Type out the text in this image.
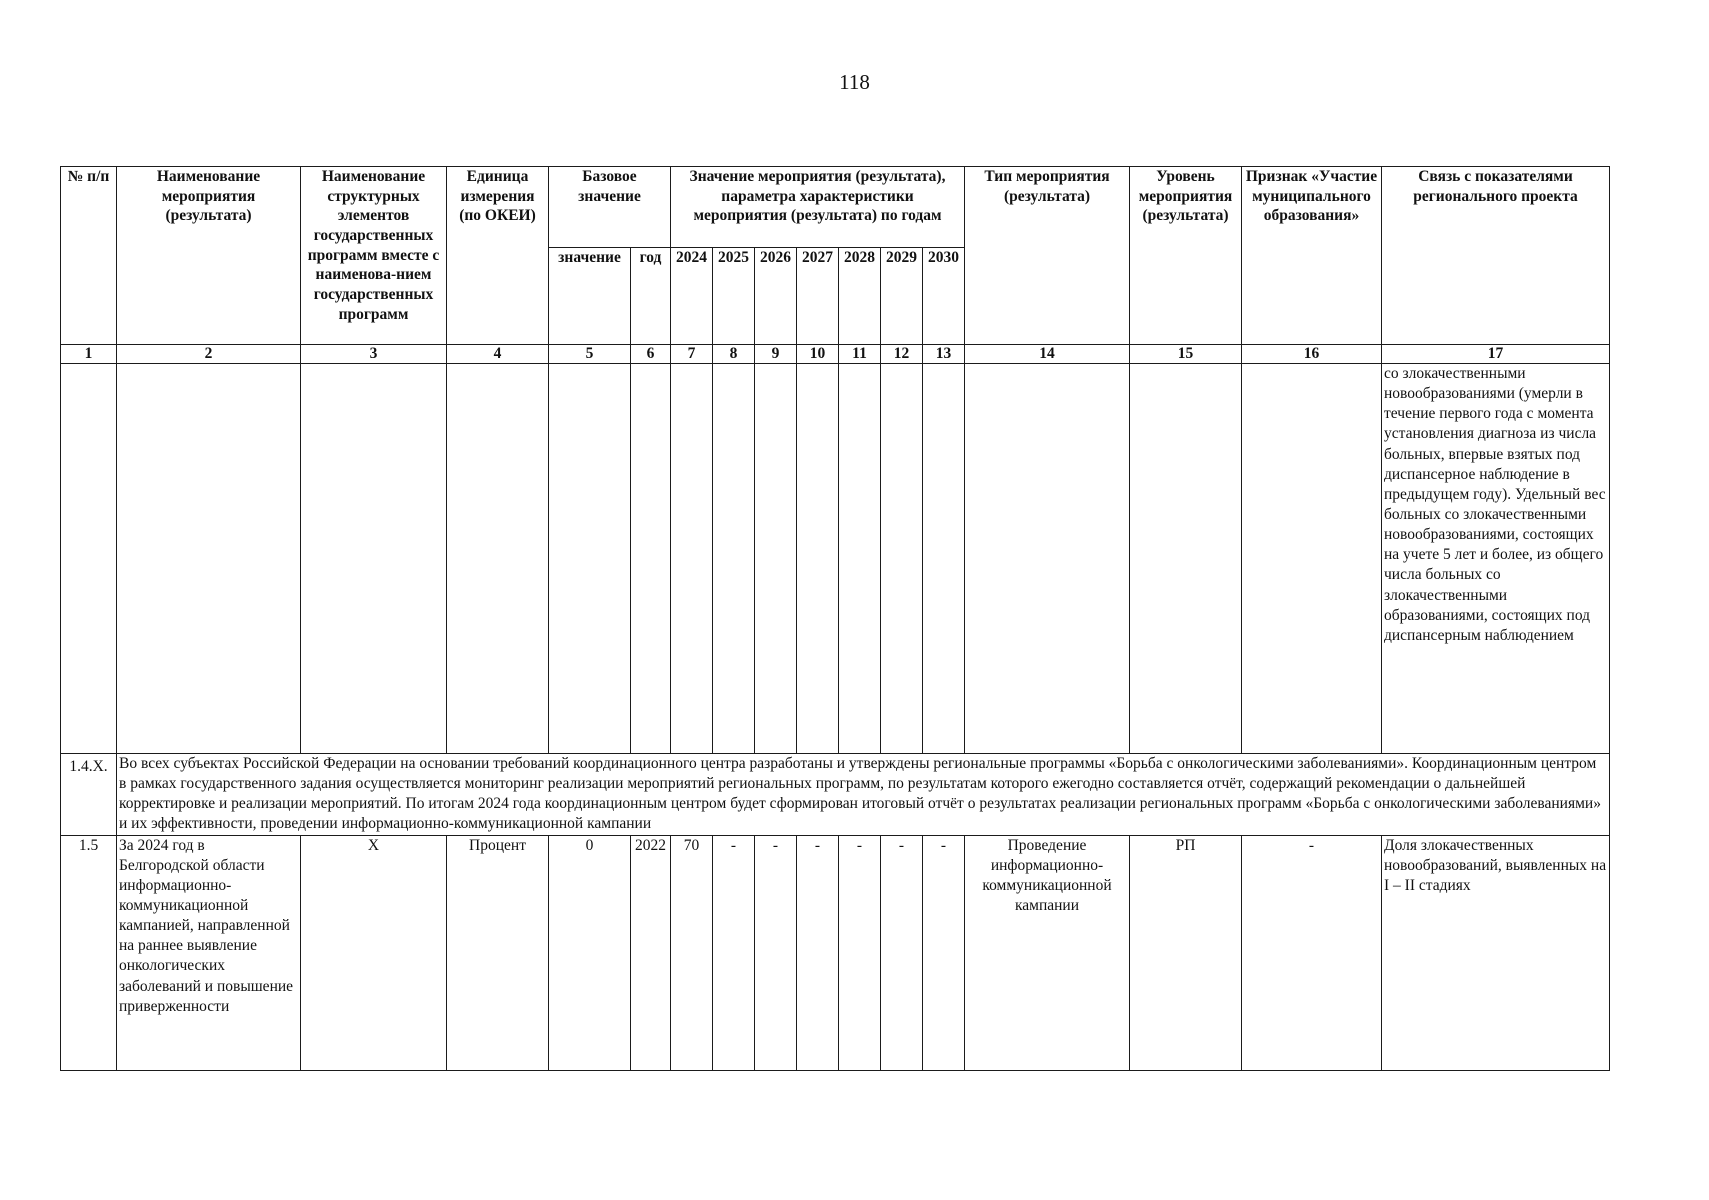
118
№ п/п	Наименование мероприятия (результата)	Наименование структурных элементов государственных программ вместе с наименова-нием государственных программ	Единица измерения (по ОКЕИ)	Базовое значение		Значение мероприятия (результата), параметра характеристики мероприятия (результата) по годам							Тип мероприятия (результата)	Уровень мероприятия (результата)	Признак «Участие муниципального образования»	Связь с показателями регионального проекта
				значение	год	2024	2025	2026	2027	2028	2029	2030				
1	2	3	4	5	6	7	8	9	10	11	12	13	14	15	16	17
																со злокачественными новообразованиями (умерли в течение первого года с момента установления диагноза из числа больных, впервые взятых под диспансерное наблюдение в предыдущем году). Удельный вес больных со злокачественными новообразованиями, состоящих на учете 5 лет и более, из общего числа больных со злокачественными образованиями, состоящих под диспансерным наблюдением
1.4.X.	Во всех субъектах Российской Федерации на основании требований координационного центра разработаны и утверждены региональные программы «Борьба с онкологическими заболеваниями». Координационным центром в рамках государственного задания осуществляется мониторинг реализации мероприятий региональных программ, по результатам которого ежегодно составляется отчёт, содержащий рекомендации о дальнейшей корректировке и реализации мероприятий. По итогам 2024 года координационным центром будет сформирован итоговый отчёт о результатах реализации региональных программ «Борьба с онкологическими заболеваниями» и их эффективности, проведении информационно-коммуникационной кампании															
1.5	За 2024 год в Белгородской области информационно-коммуникационной кампанией, направленной на раннее выявление онкологических заболеваний и повышение приверженности	Х	Процент	0	2022	70	-	-	-	-	-	-	Проведение информационно-коммуникационной кампании	РП	-	Доля злокачественных новообразований, выявленных на I – II стадиях
